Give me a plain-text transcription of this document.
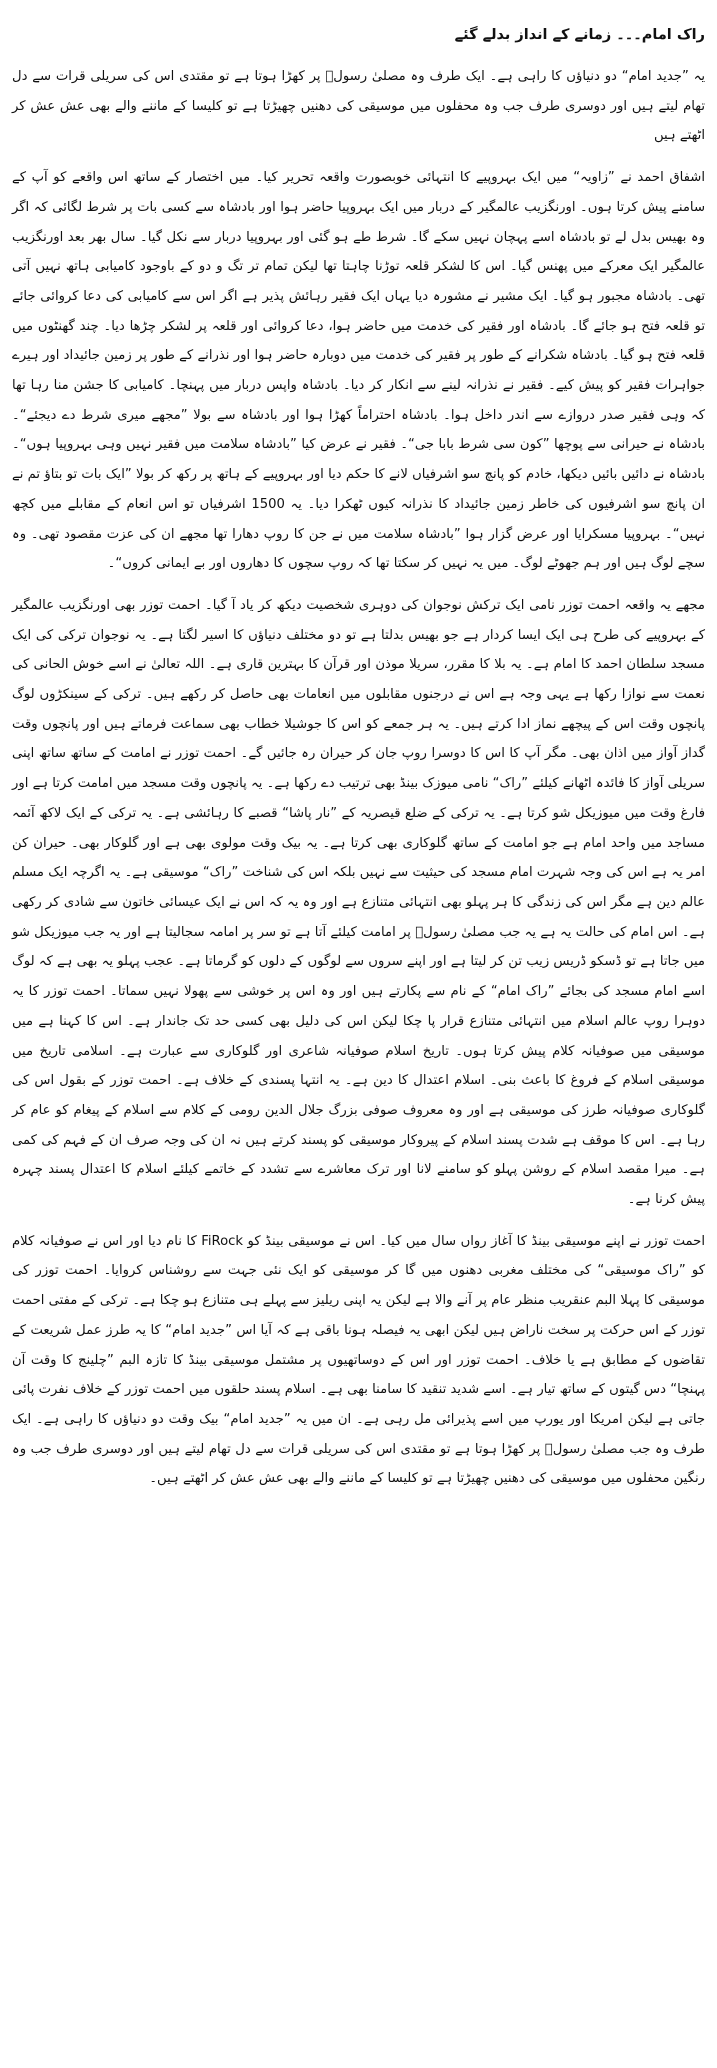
راک امام۔۔۔ زمانے کے انداز بدلے گئے

یہ ”جدید امام“ دو دنیاؤں کا راہی ہے۔ ایک طرف وہ مصلیٰ رسولؐ پر کھڑا ہوتا ہے تو مقتدی اس کی سریلی قرات سے دل تھام لیتے ہیں اور دوسری طرف جب وہ محفلوں میں موسیقی کی دھنیں چھیڑتا ہے تو کلیسا کے ماننے والے بھی عش عش کر اٹھتے ہیں

اشفاق احمد نے ”زاویہ“ میں ایک بہروپیے کا انتہائی خوبصورت واقعہ تحریر کیا۔ میں اختصار کے ساتھ اس واقعے کو آپ کے سامنے پیش کرتا ہوں۔ اورنگزیب عالمگیر کے دربار میں ایک بہروپیا حاضر ہوا اور بادشاہ سے کسی بات پر شرط لگائی کہ اگر وہ بھیس بدل لے تو بادشاہ اسے پہچان نہیں سکے گا۔ شرط طے ہو گئی اور بہروپیا دربار سے نکل گیا۔ سال بھر بعد اورنگزیب عالمگیر ایک معرکے میں پھنس گیا۔ اس کا لشکر قلعہ توڑنا چاہتا تھا لیکن تمام تر تگ و دو کے باوجود کامیابی ہاتھ نہیں آتی تھی۔ بادشاہ مجبور ہو گیا۔ ایک مشیر نے مشورہ دیا یہاں ایک فقیر رہائش پذیر ہے اگر اس سے کامیابی کی دعا کروائی جائے تو قلعہ فتح ہو جائے گا۔ بادشاہ اور فقیر کی خدمت میں حاضر ہوا، دعا کروائی اور قلعہ پر لشکر چڑھا دیا۔ چند گھنٹوں میں قلعہ فتح ہو گیا۔ بادشاہ شکرانے کے طور پر فقیر کی خدمت میں دوبارہ حاضر ہوا اور نذرانے کے طور پر زمین جائیداد اور ہیرے جواہرات فقیر کو پیش کیے۔ فقیر نے نذرانہ لینے سے انکار کر دیا۔ بادشاہ واپس دربار میں پہنچا۔ کامیابی کا جشن منا رہا تھا کہ وہی فقیر صدر دروازے سے اندر داخل ہوا۔ بادشاہ احتراماً کھڑا ہوا اور بادشاہ سے بولا ”مجھے میری شرط دے دیجئے“۔ بادشاہ نے حیرانی سے پوچھا ”کون سی شرط بابا جی“۔ فقیر نے عرض کیا ”بادشاہ سلامت میں فقیر نہیں وہی بہروپیا ہوں“۔ بادشاہ نے دائیں بائیں دیکھا، خادم کو پانچ سو اشرفیاں لانے کا حکم دیا اور بہروپیے کے ہاتھ پر رکھ کر بولا ”ایک بات تو بتاؤ تم نے ان پانچ سو اشرفیوں کی خاطر زمین جائیداد کا نذرانہ کیوں ٹھکرا دیا۔ یہ 1500 اشرفیاں تو اس انعام کے مقابلے میں کچھ نہیں“۔ بہروپیا مسکرایا اور عرض گزار ہوا ”بادشاہ سلامت میں نے جن کا روپ دھارا تھا مجھے ان کی عزت مقصود تھی۔ وہ سچے لوگ ہیں اور ہم جھوٹے لوگ۔ میں یہ نہیں کر سکتا تھا کہ روپ سچوں کا دھاروں اور بے ایمانی کروں“۔

مجھے یہ واقعہ احمت توزر نامی ایک ترکش نوجوان کی دوہری شخصیت دیکھ کر یاد آ گیا۔ احمت توزر بھی اورنگزیب عالمگیر کے بہروپیے کی طرح ہی ایک ایسا کردار ہے جو بھیس بدلتا ہے تو دو مختلف دنیاؤں کا اسیر لگتا ہے۔ یہ نوجوان ترکی کی ایک مسجد سلطان احمد کا امام ہے۔ یہ بلا کا مقرر، سریلا موذن اور قرآن کا بہترین قاری ہے۔ اللہ تعالیٰ نے اسے خوش الحانی کی نعمت سے نوازا رکھا ہے یہی وجہ ہے اس نے درجنوں مقابلوں میں انعامات بھی حاصل کر رکھے ہیں۔ ترکی کے سینکڑوں لوگ پانچوں وقت اس کے پیچھے نماز ادا کرتے ہیں۔ یہ ہر جمعے کو اس کا جوشیلا خطاب بھی سماعت فرماتے ہیں اور پانچوں وقت گداز آواز میں اذان بھی۔ مگر آپ کا اس کا دوسرا روپ جان کر حیران رہ جائیں گے۔ احمت توزر نے امامت کے ساتھ ساتھ اپنی سریلی آواز کا فائدہ اٹھانے کیلئے ”راک“ نامی میوزک بینڈ بھی ترتیب دے رکھا ہے۔ یہ پانچوں وقت مسجد میں امامت کرتا ہے اور فارغ وقت میں میوزیکل شو کرتا ہے۔ یہ ترکی کے ضلع قیصریہ کے ”نار پاشا“ قصبے کا رہائشی ہے۔ یہ ترکی کے ایک لاکھ آئمہ مساجد میں واحد امام ہے جو امامت کے ساتھ گلوکاری بھی کرتا ہے۔ یہ بیک وقت مولوی بھی ہے اور گلوکار بھی۔ حیران کن امر یہ ہے اس کی وجہ شہرت امام مسجد کی حیثیت سے نہیں بلکہ اس کی شناخت ”راک“ موسیقی ہے۔ یہ اگرچہ ایک مسلم عالم دین ہے مگر اس کی زندگی کا ہر پہلو بھی انتہائی متنازع ہے اور وہ یہ کہ اس نے ایک عیسائی خاتون سے شادی کر رکھی ہے۔ اس امام کی حالت یہ ہے یہ جب مصلیٰ رسولؐ پر امامت کیلئے آتا ہے تو سر پر امامہ سجالیتا ہے اور یہ جب میوزیکل شو میں جاتا ہے تو ڈسکو ڈریس زیب تن کر لیتا ہے اور اپنے سروں سے لوگوں کے دلوں کو گرماتا ہے۔ عجب پہلو یہ بھی ہے کہ لوگ اسے امام مسجد کی بجائے ”راک امام“ کے نام سے پکارتے ہیں اور وہ اس پر خوشی سے پھولا نہیں سماتا۔ احمت توزر کا یہ دوہرا روپ عالم اسلام میں انتہائی متنازع قرار پا چکا لیکن اس کی دلیل بھی کسی حد تک جاندار ہے۔ اس کا کہنا ہے میں موسیقی میں صوفیانہ کلام پیش کرتا ہوں۔ تاریخ اسلام صوفیانہ شاعری اور گلوکاری سے عبارت ہے۔ اسلامی تاریخ میں موسیقی اسلام کے فروغ کا باعث بنی۔ اسلام اعتدال کا دین ہے۔ یہ انتہا پسندی کے خلاف ہے۔ احمت توزر کے بقول اس کی گلوکاری صوفیانہ طرز کی موسیقی ہے اور وہ معروف صوفی بزرگ جلال الدین رومی کے کلام سے اسلام کے پیغام کو عام کر رہا ہے۔ اس کا موقف ہے شدت پسند اسلام کے پیروکار موسیقی کو پسند کرتے ہیں نہ ان کی وجہ صرف ان کے فہم کی کمی ہے۔ میرا مقصد اسلام کے روشن پہلو کو سامنے لانا اور ترک معاشرے سے تشدد کے خاتمے کیلئے اسلام کا اعتدال پسند چہرہ پیش کرنا ہے۔

احمت توزر نے اپنے موسیقی بینڈ کا آغاز رواں سال میں کیا۔ اس نے موسیقی بینڈ کو FiRock کا نام دیا اور اس نے صوفیانہ کلام کو ”راک موسیقی“ کی مختلف مغربی دھنوں میں گا کر موسیقی کو ایک نئی جہت سے روشناس کروایا۔ احمت توزر کی موسیقی کا پہلا البم عنقریب منظر عام پر آنے والا ہے لیکن یہ اپنی ریلیز سے پہلے ہی متنازع ہو چکا ہے۔ ترکی کے مفتی احمت توزر کے اس حرکت پر سخت ناراض ہیں لیکن ابھی یہ فیصلہ ہونا باقی ہے کہ آیا اس ”جدید امام“ کا یہ طرز عمل شریعت کے تقاضوں کے مطابق ہے یا خلاف۔ احمت توزر اور اس کے دوساتھیوں پر مشتمل موسیقی بینڈ کا تازہ البم ”چلینج کا وقت آن پہنچا“ دس گیتوں کے ساتھ تیار ہے۔ اسے شدید تنقید کا سامنا بھی ہے۔ اسلام پسند حلقوں میں احمت توزر کے خلاف نفرت پائی جاتی ہے لیکن امریکا اور یورپ میں اسے پذیرائی مل رہی ہے۔ ان میں یہ ”جدید امام“ بیک وقت دو دنیاؤں کا راہی ہے۔ ایک طرف وہ جب مصلیٰ رسولؐ پر کھڑا ہوتا ہے تو مقتدی اس کی سریلی قرات سے دل تھام لیتے ہیں اور دوسری طرف جب وہ رنگین محفلوں میں موسیقی کی دھنیں چھیڑتا ہے تو کلیسا کے ماننے والے بھی عش عش کر اٹھتے ہیں۔
